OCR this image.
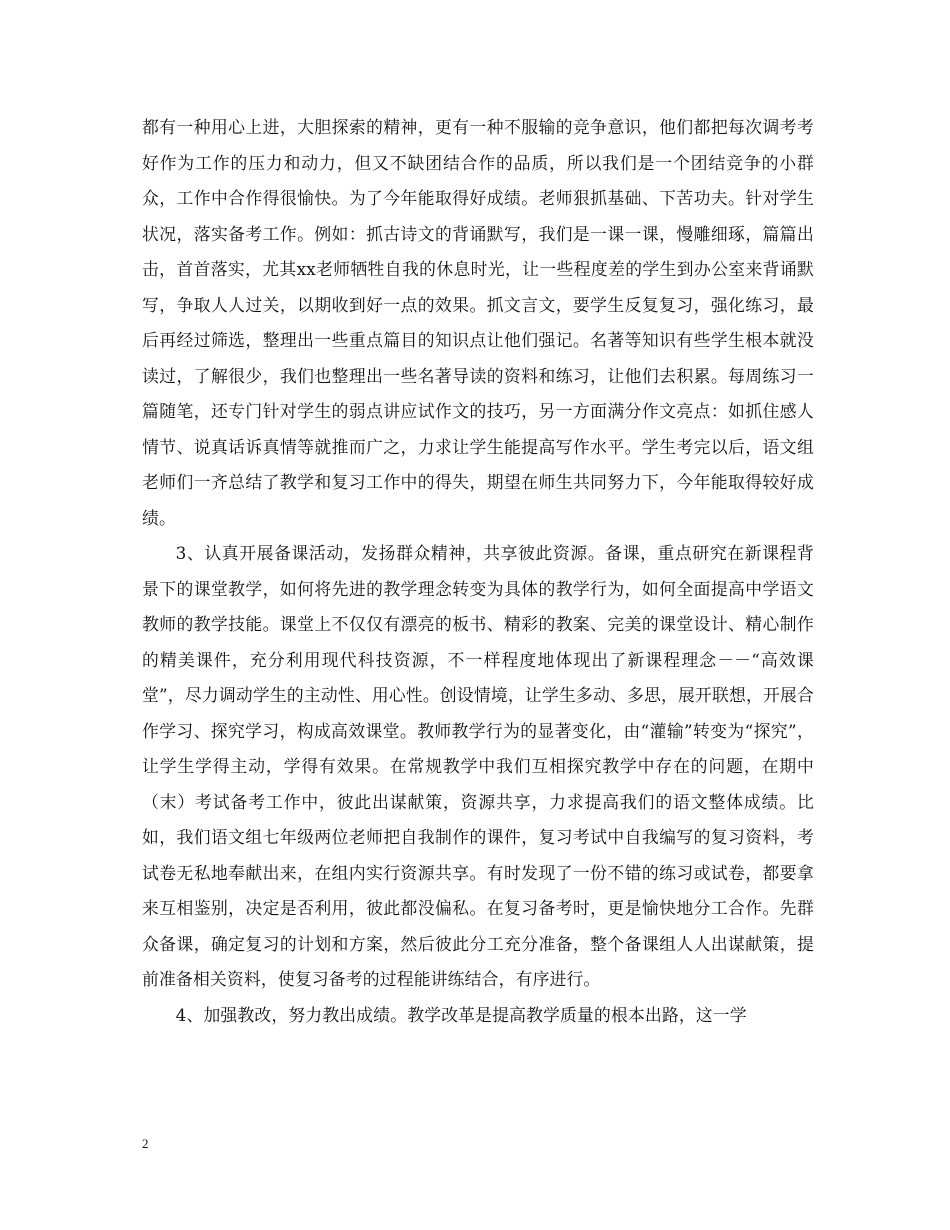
都有一种用心上进，大胆探索的精神，更有一种不服输的竞争意识，他们都把每次调考考好作为工作的压力和动力，但又不缺团结合作的品质，所以我们是一个团结竞争的小群众，工作中合作得很愉快。为了今年能取得好成绩。老师狠抓基础、下苦功夫。针对学生状况，落实备考工作。例如：抓古诗文的背诵默写，我们是一课一课，慢雕细琢，篇篇出击，首首落实，尤其xx老师牺牲自我的休息时光，让一些程度差的学生到办公室来背诵默写，争取人人过关，以期收到好一点的效果。抓文言文，要学生反复复习，强化练习，最后再经过筛选，整理出一些重点篇目的知识点让他们强记。名著等知识有些学生根本就没读过，了解很少，我们也整理出一些名著导读的资料和练习，让他们去积累。每周练习一篇随笔，还专门针对学生的弱点讲应试作文的技巧，另一方面满分作文亮点：如抓住感人情节、说真话诉真情等就推而广之，力求让学生能提高写作水平。学生考完以后，语文组老师们一齐总结了教学和复习工作中的得失，期望在师生共同努力下，今年能取得较好成绩。

3、认真开展备课活动，发扬群众精神，共享彼此资源。备课，重点研究在新课程背景下的课堂教学，如何将先进的教学理念转变为具体的教学行为，如何全面提高中学语文教师的教学技能。课堂上不仅仅有漂亮的板书、精彩的教案、完美的课堂设计、精心制作的精美课件，充分利用现代科技资源，不一样程度地体现出了新课程理念－－“高效课堂”，尽力调动学生的主动性、用心性。创设情境，让学生多动、多思，展开联想，开展合作学习、探究学习，构成高效课堂。教师教学行为的显著变化，由“灌输”转变为“探究”，让学生学得主动，学得有效果。在常规教学中我们互相探究教学中存在的问题，在期中（末）考试备考工作中，彼此出谋献策，资源共享，力求提高我们的语文整体成绩。比如，我们语文组七年级两位老师把自我制作的课件，复习考试中自我编写的复习资料，考试卷无私地奉献出来，在组内实行资源共享。有时发现了一份不错的练习或试卷，都要拿来互相鉴别，决定是否利用，彼此都没偏私。在复习备考时，更是愉快地分工合作。先群众备课，确定复习的计划和方案，然后彼此分工充分准备，整个备课组人人出谋献策，提前准备相关资料，使复习备考的过程能讲练结合，有序进行。

4、加强教改，努力教出成绩。教学改革是提高教学质量的根本出路，这一学

2
